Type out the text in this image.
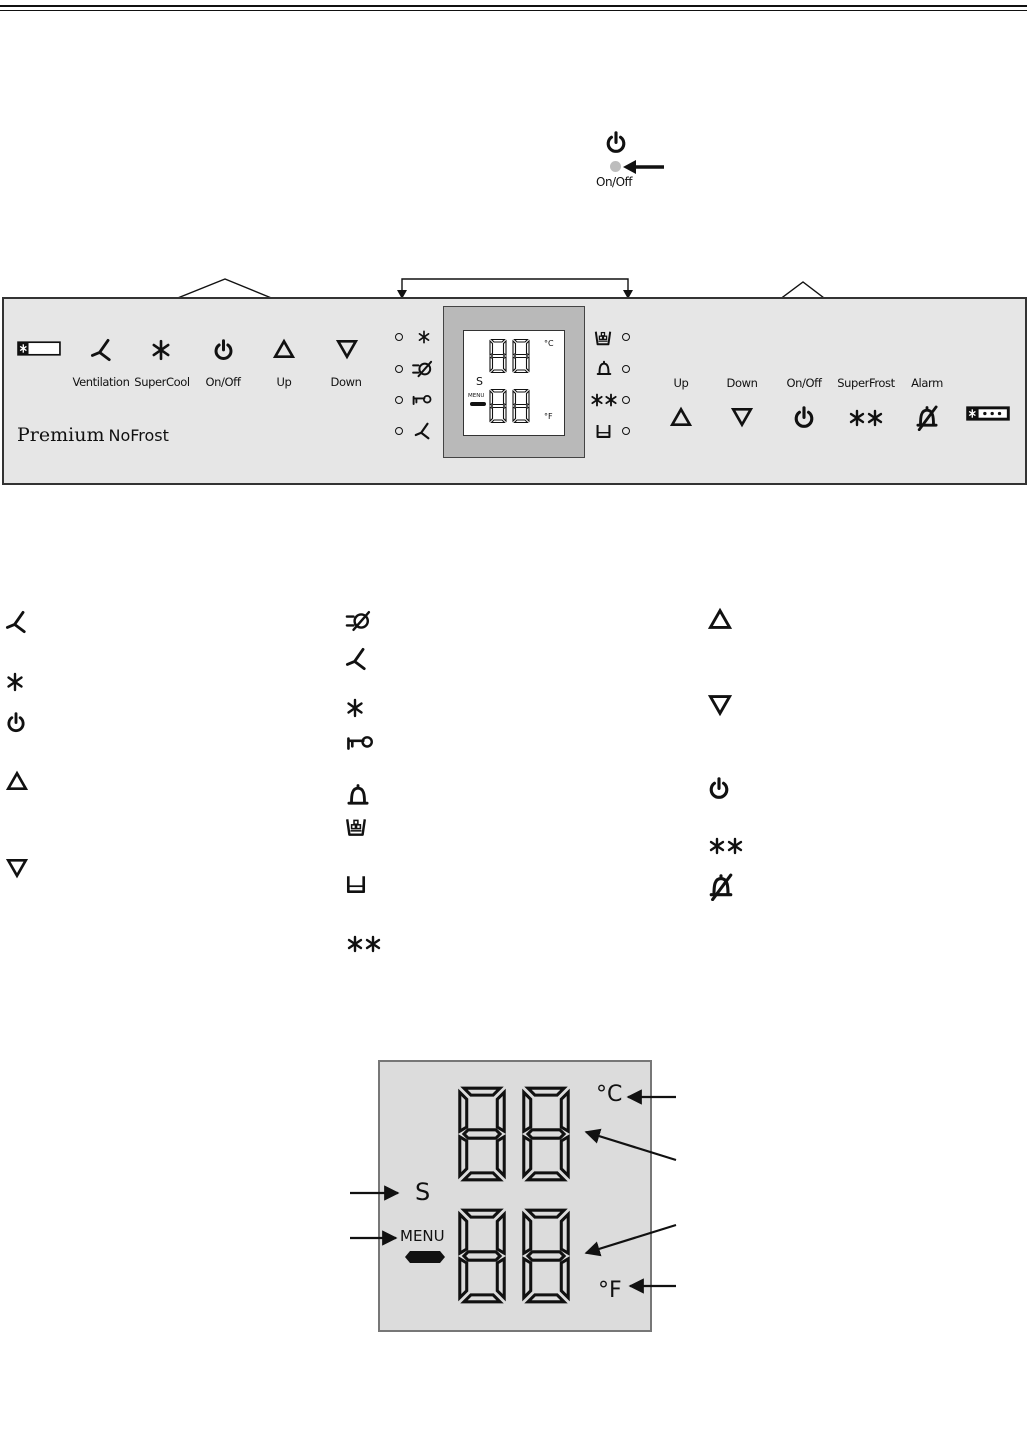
On/Off
Ventilation SuperCool On/Off	Up	Down
Premium NoFrost
°C
°F
S
MENU
Up	Down	On/Off SuperFrost Alarm
°C
°F
S
MENU
